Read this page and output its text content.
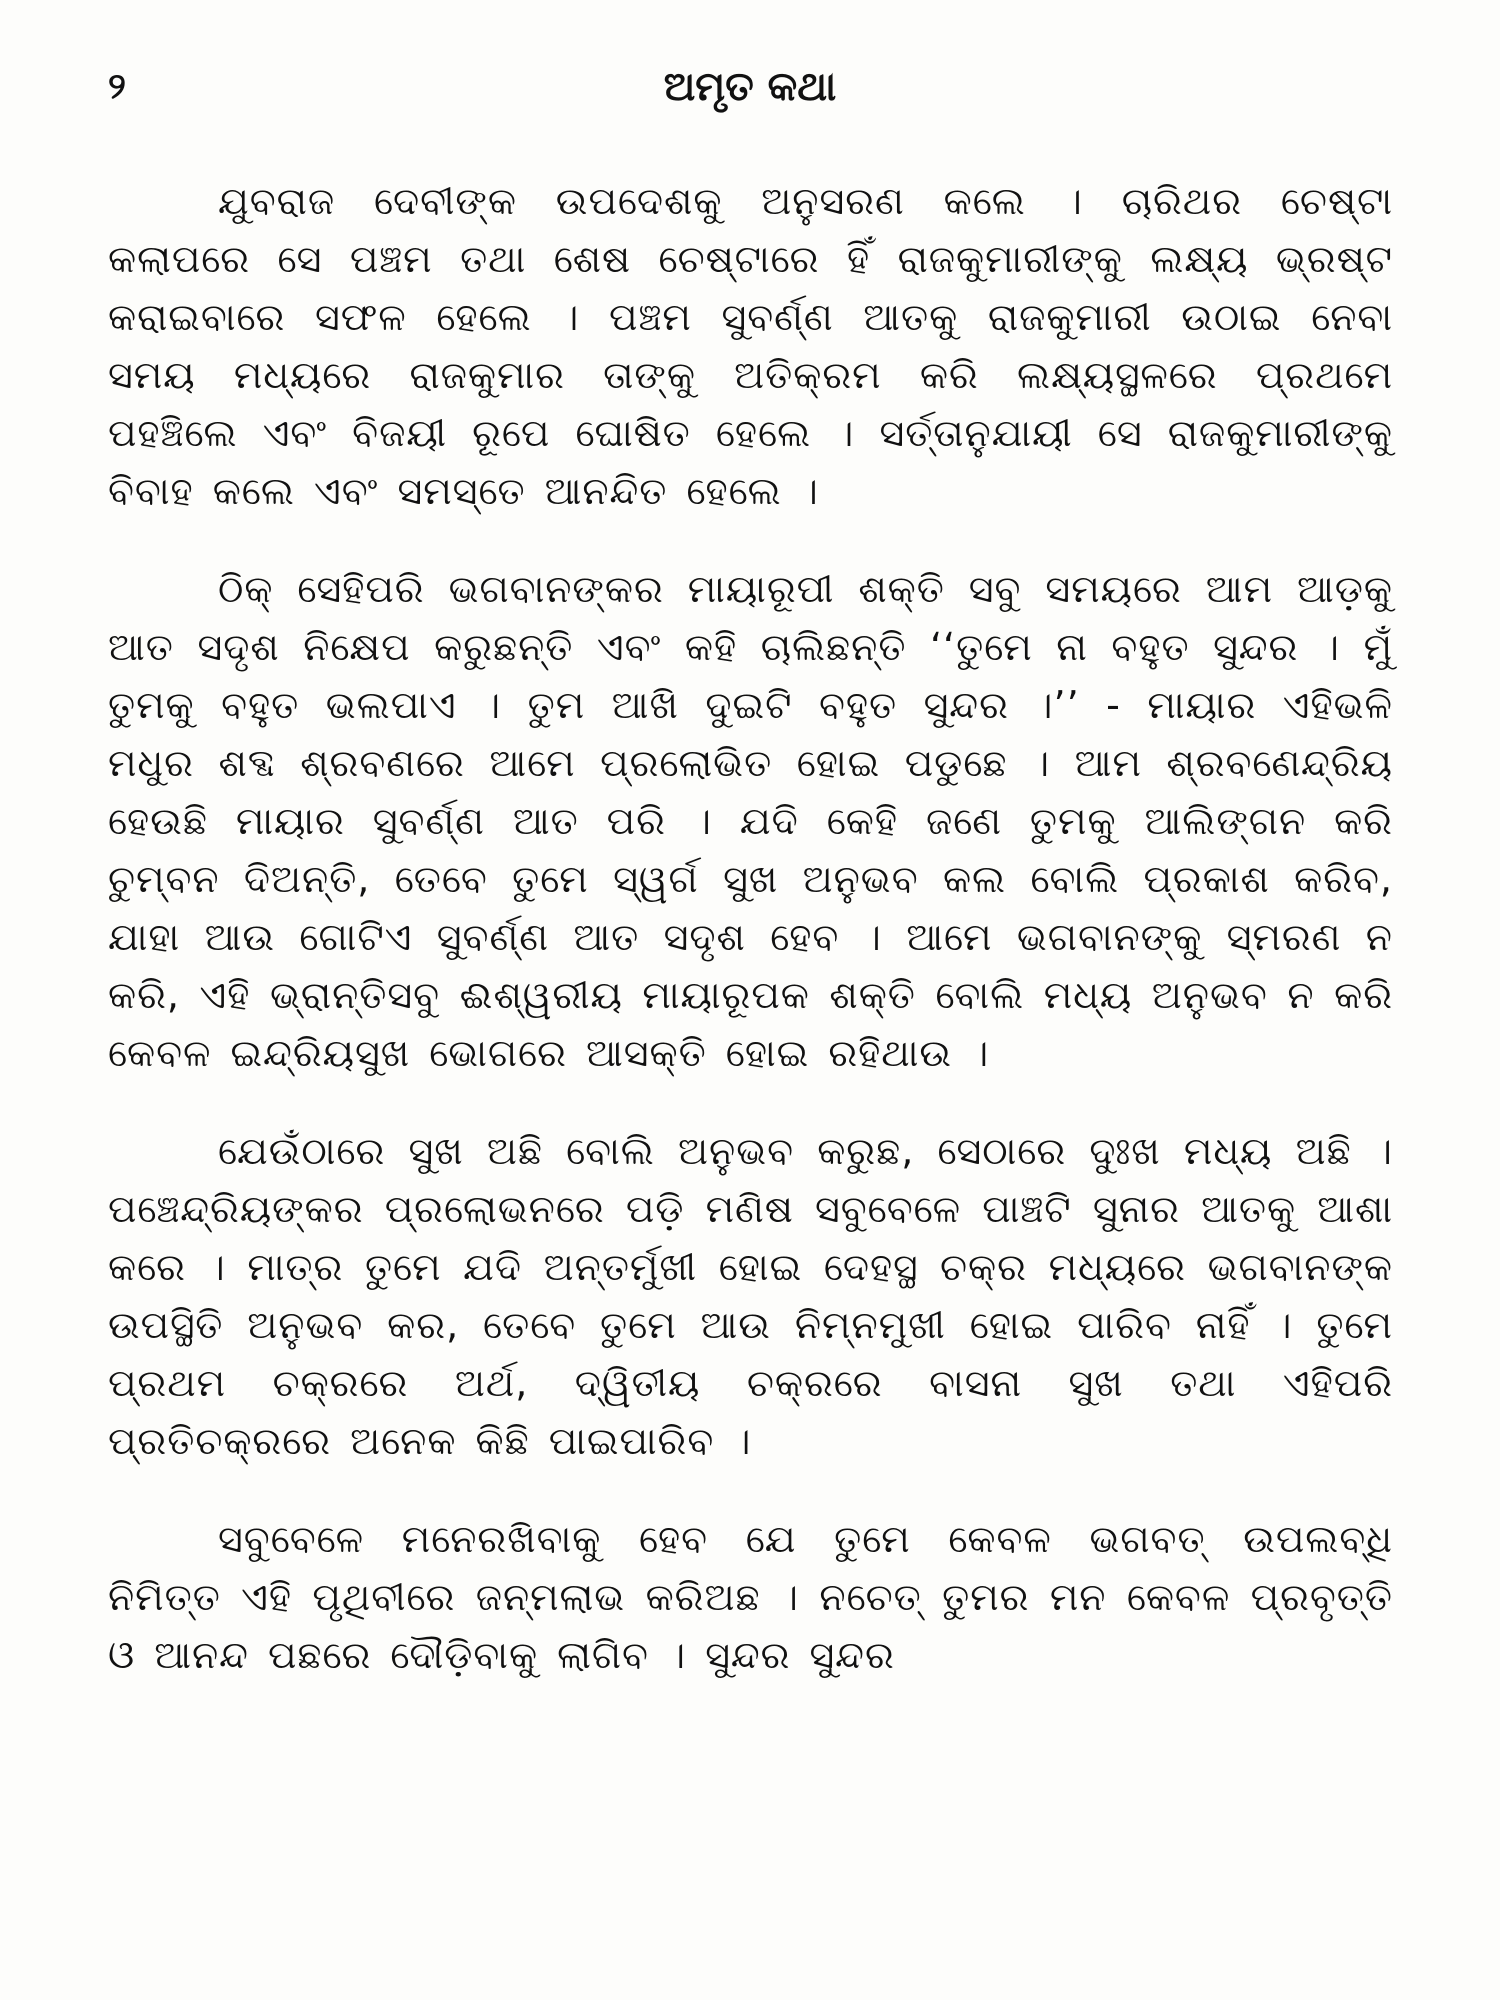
୨	ଅମୃତ କଥା

ଯୁବରାଜ ଦେବୀଙ୍କ ଉପଦେଶକୁ ଅନୁସରଣ କଲେ । ଚାରିଥର ଚେଷ୍ଟା କଲାପରେ ସେ ପଞ୍ଚମ ତଥା ଶେଷ ଚେଷ୍ଟାରେ ହିଁ ରାଜକୁମାରୀଙ୍କୁ ଲକ୍ଷ୍ୟ ଭ୍ରଷ୍ଟ କରାଇବାରେ ସଫଳ ହେଲେ । ପଞ୍ଚମ ସୁବର୍ଣ୍ଣ ଆତକୁ ରାଜକୁମାରୀ ଉଠାଇ ନେବା ସମୟ ମଧ୍ୟରେ ରାଜକୁମାର ତାଙ୍କୁ ଅତିକ୍ରମ କରି ଲକ୍ଷ୍ୟସ୍ଥଳରେ ପ୍ରଥମେ ପହଞ୍ଚିଲେ ଏବଂ ବିଜୟୀ ରୂପେ ଘୋଷିତ ହେଲେ । ସର୍ତ୍ତାନୁଯାୟୀ ସେ ରାଜକୁମାରୀଙ୍କୁ ବିବାହ କଲେ ଏବଂ ସମସ୍ତେ ଆନନ୍ଦିତ ହେଲେ ।

ଠିକ୍ ସେହିପରି ଭଗବାନଙ୍କର ମାୟାରୂପୀ ଶକ୍ତି ସବୁ ସମୟରେ ଆମ ଆଡ଼କୁ ଆତ ସଦୃଶ ନିକ୍ଷେପ କରୁଛନ୍ତି ଏବଂ କହି ଚାଲିଛନ୍ତି ‘‘ତୁମେ ନା ବହୁତ ସୁନ୍ଦର । ମୁଁ ତୁମକୁ ବହୁତ ଭଲପାଏ । ତୁମ ଆଖି ଦୁଇଟି ବହୁତ ସୁନ୍ଦର ।’’ - ମାୟାର ଏହିଭଳି ମଧୁର ଶବ୍ଦ ଶ୍ରବଣରେ ଆମେ ପ୍ରଲୋଭିତ ହୋଇ ପଡୁଛେ । ଆମ ଶ୍ରବଣେନ୍ଦ୍ରିୟ ହେଉଛି ମାୟାର ସୁବର୍ଣ୍ଣ ଆତ ପରି । ଯଦି କେହି ଜଣେ ତୁମକୁ ଆଲିଙ୍ଗନ କରି ଚୁମ୍ବନ ଦିଅନ୍ତି, ତେବେ ତୁମେ ସ୍ୱର୍ଗ ସୁଖ ଅନୁଭବ କଲ ବୋଲି ପ୍ରକାଶ କରିବ, ଯାହା ଆଉ ଗୋଟିଏ ସୁବର୍ଣ୍ଣ ଆତ ସଦୃଶ ହେବ । ଆମେ ଭଗବାନଙ୍କୁ ସ୍ମରଣ ନ କରି, ଏହି ଭ୍ରାନ୍ତିସବୁ ଈଶ୍ୱରୀୟ ମାୟାରୂପକ ଶକ୍ତି ବୋଲି ମଧ୍ୟ ଅନୁଭବ ନ କରି କେବଳ ଇନ୍ଦ୍ରିୟସୁଖ ଭୋଗରେ ଆସକ୍ତି ହୋଇ ରହିଥାଉ ।

ଯେଉଁଠାରେ ସୁଖ ଅଛି ବୋଲି ଅନୁଭବ କରୁଛ, ସେଠାରେ ଦୁଃଖ ମଧ୍ୟ ଅଛି । ପଞ୍ଚେନ୍ଦ୍ରିୟଙ୍କର ପ୍ରଲୋଭନରେ ପଡ଼ି ମଣିଷ ସବୁବେଳେ ପାଞ୍ଚଟି ସୁନାର ଆତକୁ ଆଶା କରେ । ମାତ୍ର ତୁମେ ଯଦି ଅନ୍ତର୍ମୁଖୀ ହୋଇ ଦେହସ୍ଥ ଚକ୍ର ମଧ୍ୟରେ ଭଗବାନଙ୍କ ଉପସ୍ଥିତି ଅନୁଭବ କର, ତେବେ ତୁମେ ଆଉ ନିମ୍ନମୁଖୀ ହୋଇ ପାରିବ ନାହିଁ । ତୁମେ ପ୍ରଥମ ଚକ୍ରରେ ଅର୍ଥ, ଦ୍ୱିତୀୟ ଚକ୍ରରେ ବାସନା ସୁଖ ତଥା ଏହିପରି ପ୍ରତିଚକ୍ରରେ ଅନେକ କିଛି ପାଇପାରିବ ।

ସବୁବେଳେ ମନେରଖିବାକୁ ହେବ ଯେ ତୁମେ କେବଳ ଭଗବତ୍ ଉପଲବ୍ଧି ନିମିତ୍ତ ଏହି ପୃଥିବୀରେ ଜନ୍ମଲାଭ କରିଅଛ । ନଚେତ୍ ତୁମର ମନ କେବଳ ପ୍ରବୃତ୍ତି ଓ ଆନନ୍ଦ ପଛରେ ଦୌଡ଼ିବାକୁ ଲାଗିବ । ସୁନ୍ଦର ସୁନ୍ଦର
